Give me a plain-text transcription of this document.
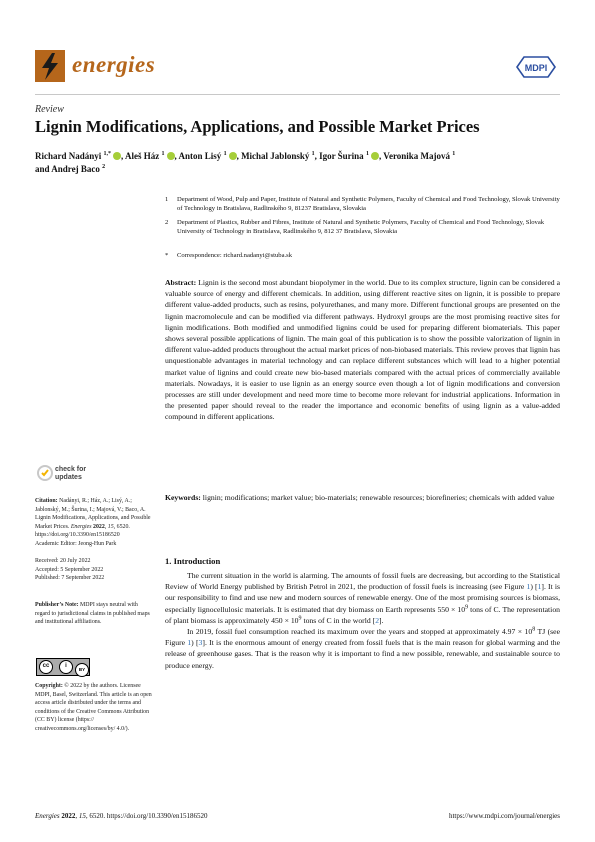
energies	MDPI
Review
Lignin Modifications, Applications, and Possible Market Prices
Richard Nadányi $^{1,*}$ , Aleš Ház $^1$ , Anton Lisý $^1$ , Michal Jablonský $^1$, Igor Šurina $^1$ , Veronika Majová $^1$
and Andrej Baco $^2$
1 Department of Wood, Pulp and Paper, Institute of Natural and Synthetic Polymers, Faculty of Chemical and Food Technology, Slovak University of Technology in Bratislava, Radlinského 9, 81237 Bratislava, Slovakia
2 Department of Plastics, Rubber and Fibres, Institute of Natural and Synthetic Polymers, Faculty of Chemical and Food Technology, Slovak University of Technology in Bratislava, Radlinského 9, 812 37 Bratislava, Slovakia
* Correspondence: richard.nadanyi@stuba.sk
Abstract: Lignin is the second most abundant biopolymer in the world. Due to its complex structure, lignin can be considered a valuable source of energy and different chemicals. In addition, using different reactive sites on lignin, it is possible to prepare different value-added products, such as resins, polyurethanes, and many more. Different functional groups are presented on the lignin macromolecule and can be modified via different pathways. Hydroxyl groups are the most promising reactive sites for lignin modifications. Both modified and unmodified lignins could be used for preparing different biomaterials. This paper shows several possible applications of lignin. The main goal of this publication is to show the possible valorization of lignin in different value-added products throughout the actual market prices of non-biobased materials. This review proves that lignin has unquestionable advantages in material technology and can replace different substances which will lead to a higher potential market value of lignins and could create new bio-based materials compared with the actual prices of commercially available materials. Nowadays, it is easier to use lignin as an energy source even though a lot of lignin modifications and conversion processes are still under development and need more time to become more relevant for industrial applications. Information in the presented paper should reveal to the reader the importance and economic benefits of using lignin as a value-added compound in different applications.
Keywords: lignin; modifications; market value; bio-materials; renewable resources; biorefineries; chemicals with added value
1. Introduction

The current situation in the world is alarming. The amounts of fossil fuels are decreasing, but according to the Statistical Review of World Energy published by British Petrol in 2021, the production of fossil fuels is increasing (see Figure 1) [1]. It is our responsibility to find and use new and modern sources of renewable energy. One of the most promising sources is biomass, especially lignocellulosic materials. It is estimated that dry biomass on Earth represents $550 \times 10^9$ tons of C. The representation of plant biomass is approximately $450 \times 10^9$ tons of C in the world [2].

In 2019, fossil fuel consumption reached its maximum over the years and stopped at approximately $4.97 \times 10^8$ TJ (see Figure 1) [3]. It is the enormous amount of energy created from fossil fuels that is the main reason for global warming and the release of greenhouse gases. That is the reason why it is important to find a new possible, renewable, and sustainable source to produce energy.

check for
updates
Citation: Nadányi, R.; Ház, A.; Lisý, A.; Jablonský, M.; Šurina, I.; Majová, V.; Baco, A. Lignin Modifications, Applications, and Possible Market Prices. Energies 2022, 15, 6520. https://doi.org/10.3390/en15186520
Academic Editor: Jeong-Hun Park
Received: 20 July 2022
Accepted: 5 September 2022
Published: 7 September 2022
Publisher’s Note: MDPI stays neutral with regard to jurisdictional claims in published maps and institutional affiliations.
cc	i
BY
Copyright: © 2022 by the authors. Licensee MDPI, Basel, Switzerland. This article is an open access article distributed under the terms and conditions of the Creative Commons Attribution (CC BY) license (https:// creativecommons.org/licenses/by/ 4.0/).
Energies 2022, 15, 6520. https://doi.org/10.3390/en15186520	https://www.mdpi.com/journal/energies
